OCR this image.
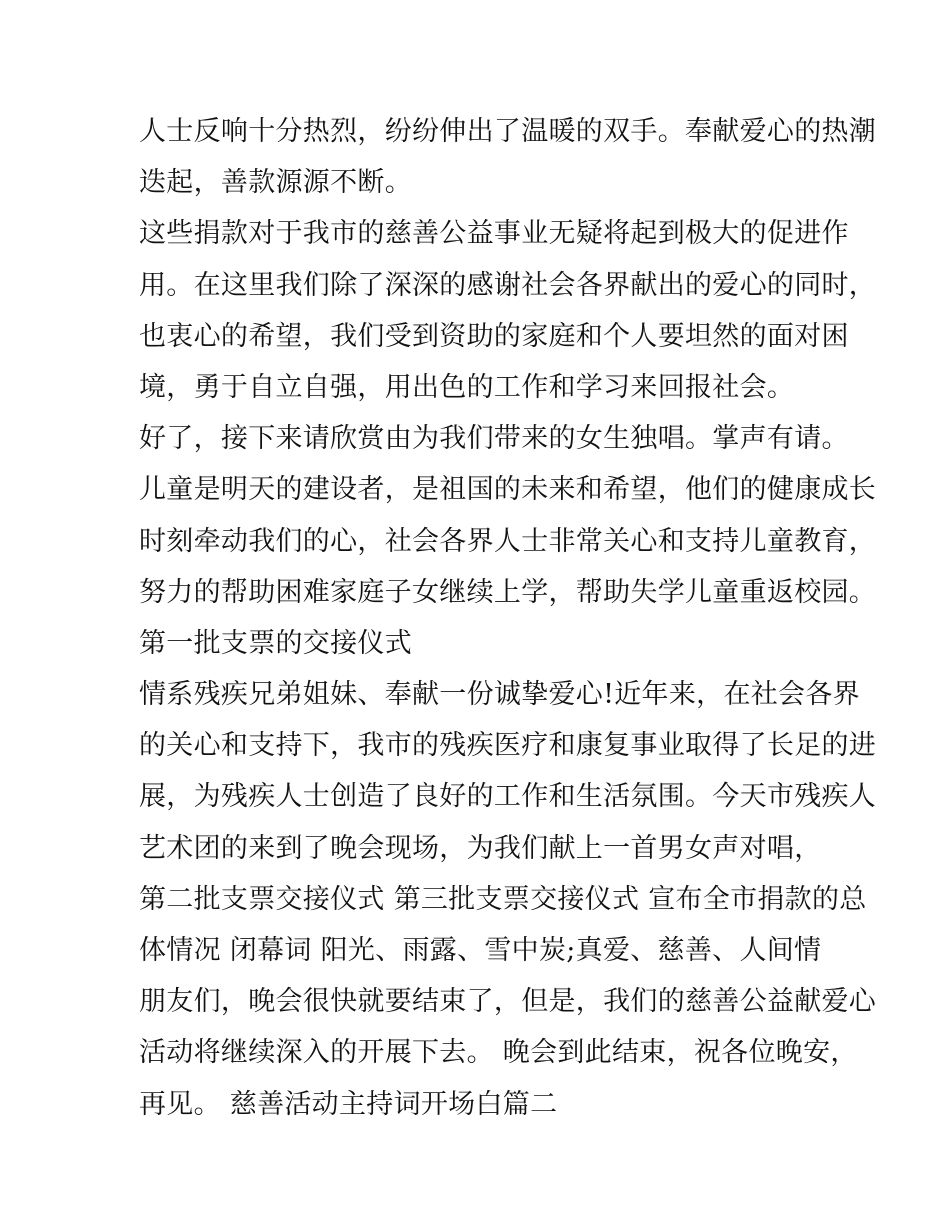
人士反响十分热烈，纷纷伸出了温暖的双手。奉献爱心的热潮
迭起，善款源源不断。
这些捐款对于我市的慈善公益事业无疑将起到极大的促进作
用。在这里我们除了深深的感谢社会各界献出的爱心的同时，
也衷心的希望，我们受到资助的家庭和个人要坦然的面对困
境，勇于自立自强，用出色的工作和学习来回报社会。
好了，接下来请欣赏由为我们带来的女生独唱。掌声有请。
儿童是明天的建设者，是祖国的未来和希望，他们的健康成长
时刻牵动我们的心，社会各界人士非常关心和支持儿童教育，
努力的帮助困难家庭子女继续上学，帮助失学儿童重返校园。
第一批支票的交接仪式
情系残疾兄弟姐妹、奉献一份诚挚爱心!近年来，在社会各界
的关心和支持下，我市的残疾医疗和康复事业取得了长足的进
展，为残疾人士创造了良好的工作和生活氛围。今天市残疾人
艺术团的来到了晚会现场，为我们献上一首男女声对唱，
第二批支票交接仪式 第三批支票交接仪式 宣布全市捐款的总
体情况 闭幕词 阳光、雨露、雪中炭;真爱、慈善、人间情
朋友们，晚会很快就要结束了，但是，我们的慈善公益献爱心
活动将继续深入的开展下去。 晚会到此结束，祝各位晚安，
再见。 慈善活动主持词开场白篇二
